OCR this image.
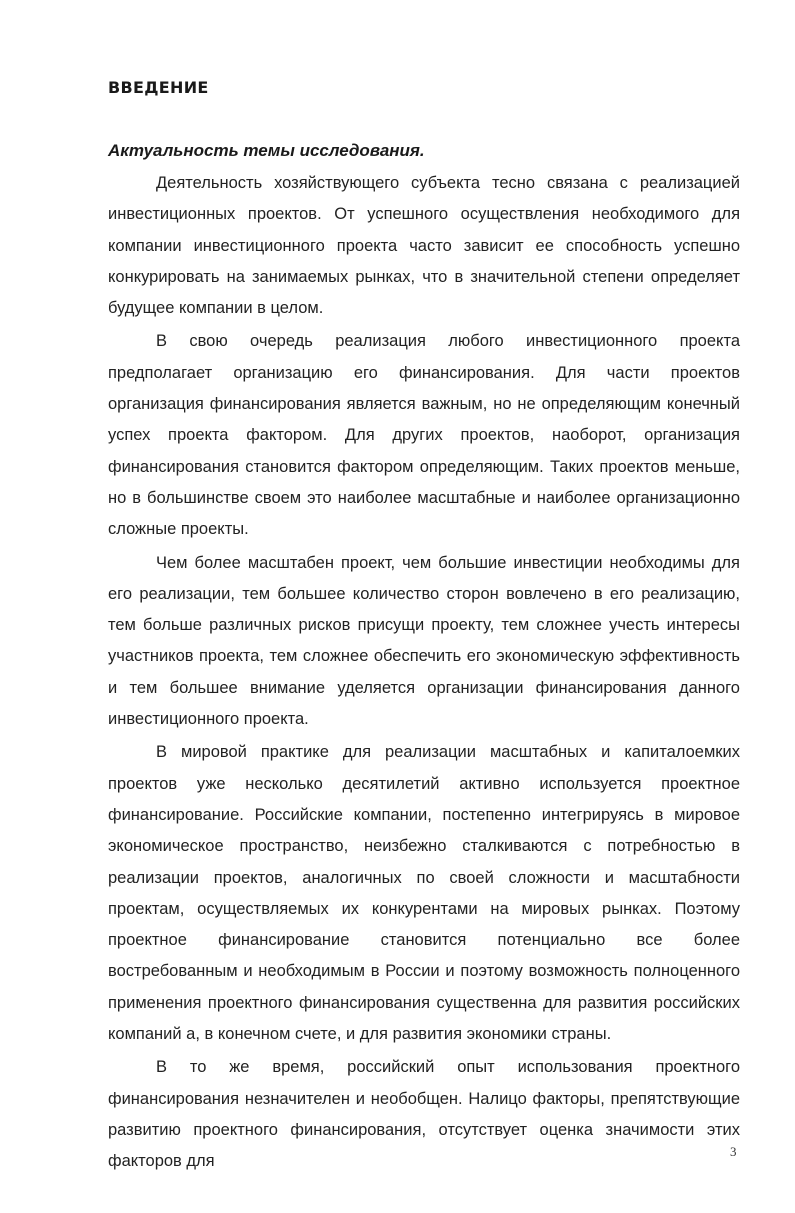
ВВЕДЕНИЕ
Актуальность темы исследования.

Деятельность хозяйствующего субъекта тесно связана с реализацией инвестиционных проектов. От успешного осуществления необходимого для компании инвестиционного проекта часто зависит ее способность успешно конкурировать на занимаемых рынках, что в значительной степени определяет будущее компании в целом.

В свою очередь реализация любого инвестиционного проекта предполагает организацию его финансирования. Для части проектов организация финансирования является важным, но не определяющим конечный успех проекта фактором. Для других проектов, наоборот, организация финансирования становится фактором определяющим. Таких проектов меньше, но в большинстве своем это наиболее масштабные и наиболее организационно сложные проекты.

Чем более масштабен проект, чем большие инвестиции необходимы для его реализации, тем большее количество сторон вовлечено в его реализацию, тем больше различных рисков присущи проекту, тем сложнее учесть интересы участников проекта, тем сложнее обеспечить его экономическую эффективность и тем большее внимание уделяется организации финансирования данного инвестиционного проекта.

В мировой практике для реализации масштабных и капиталоемких проектов уже несколько десятилетий активно используется проектное финансирование. Российские компании, постепенно интегрируясь в мировое экономическое пространство, неизбежно сталкиваются с потребностью в реализации проектов, аналогичных по своей сложности и масштабности проектам, осуществляемых их конкурентами на мировых рынках. Поэтому проектное финансирование становится потенциально все более востребованным и необходимым в России и поэтому возможность полноценного применения проектного финансирования существенна для развития российских компаний а, в конечном счете, и для развития экономики страны.

В то же время, российский опыт использования проектного финансирования незначителен и необобщен. Налицо факторы, препятствующие развитию проектного финансирования, отсутствует оценка значимости этих факторов для

3
